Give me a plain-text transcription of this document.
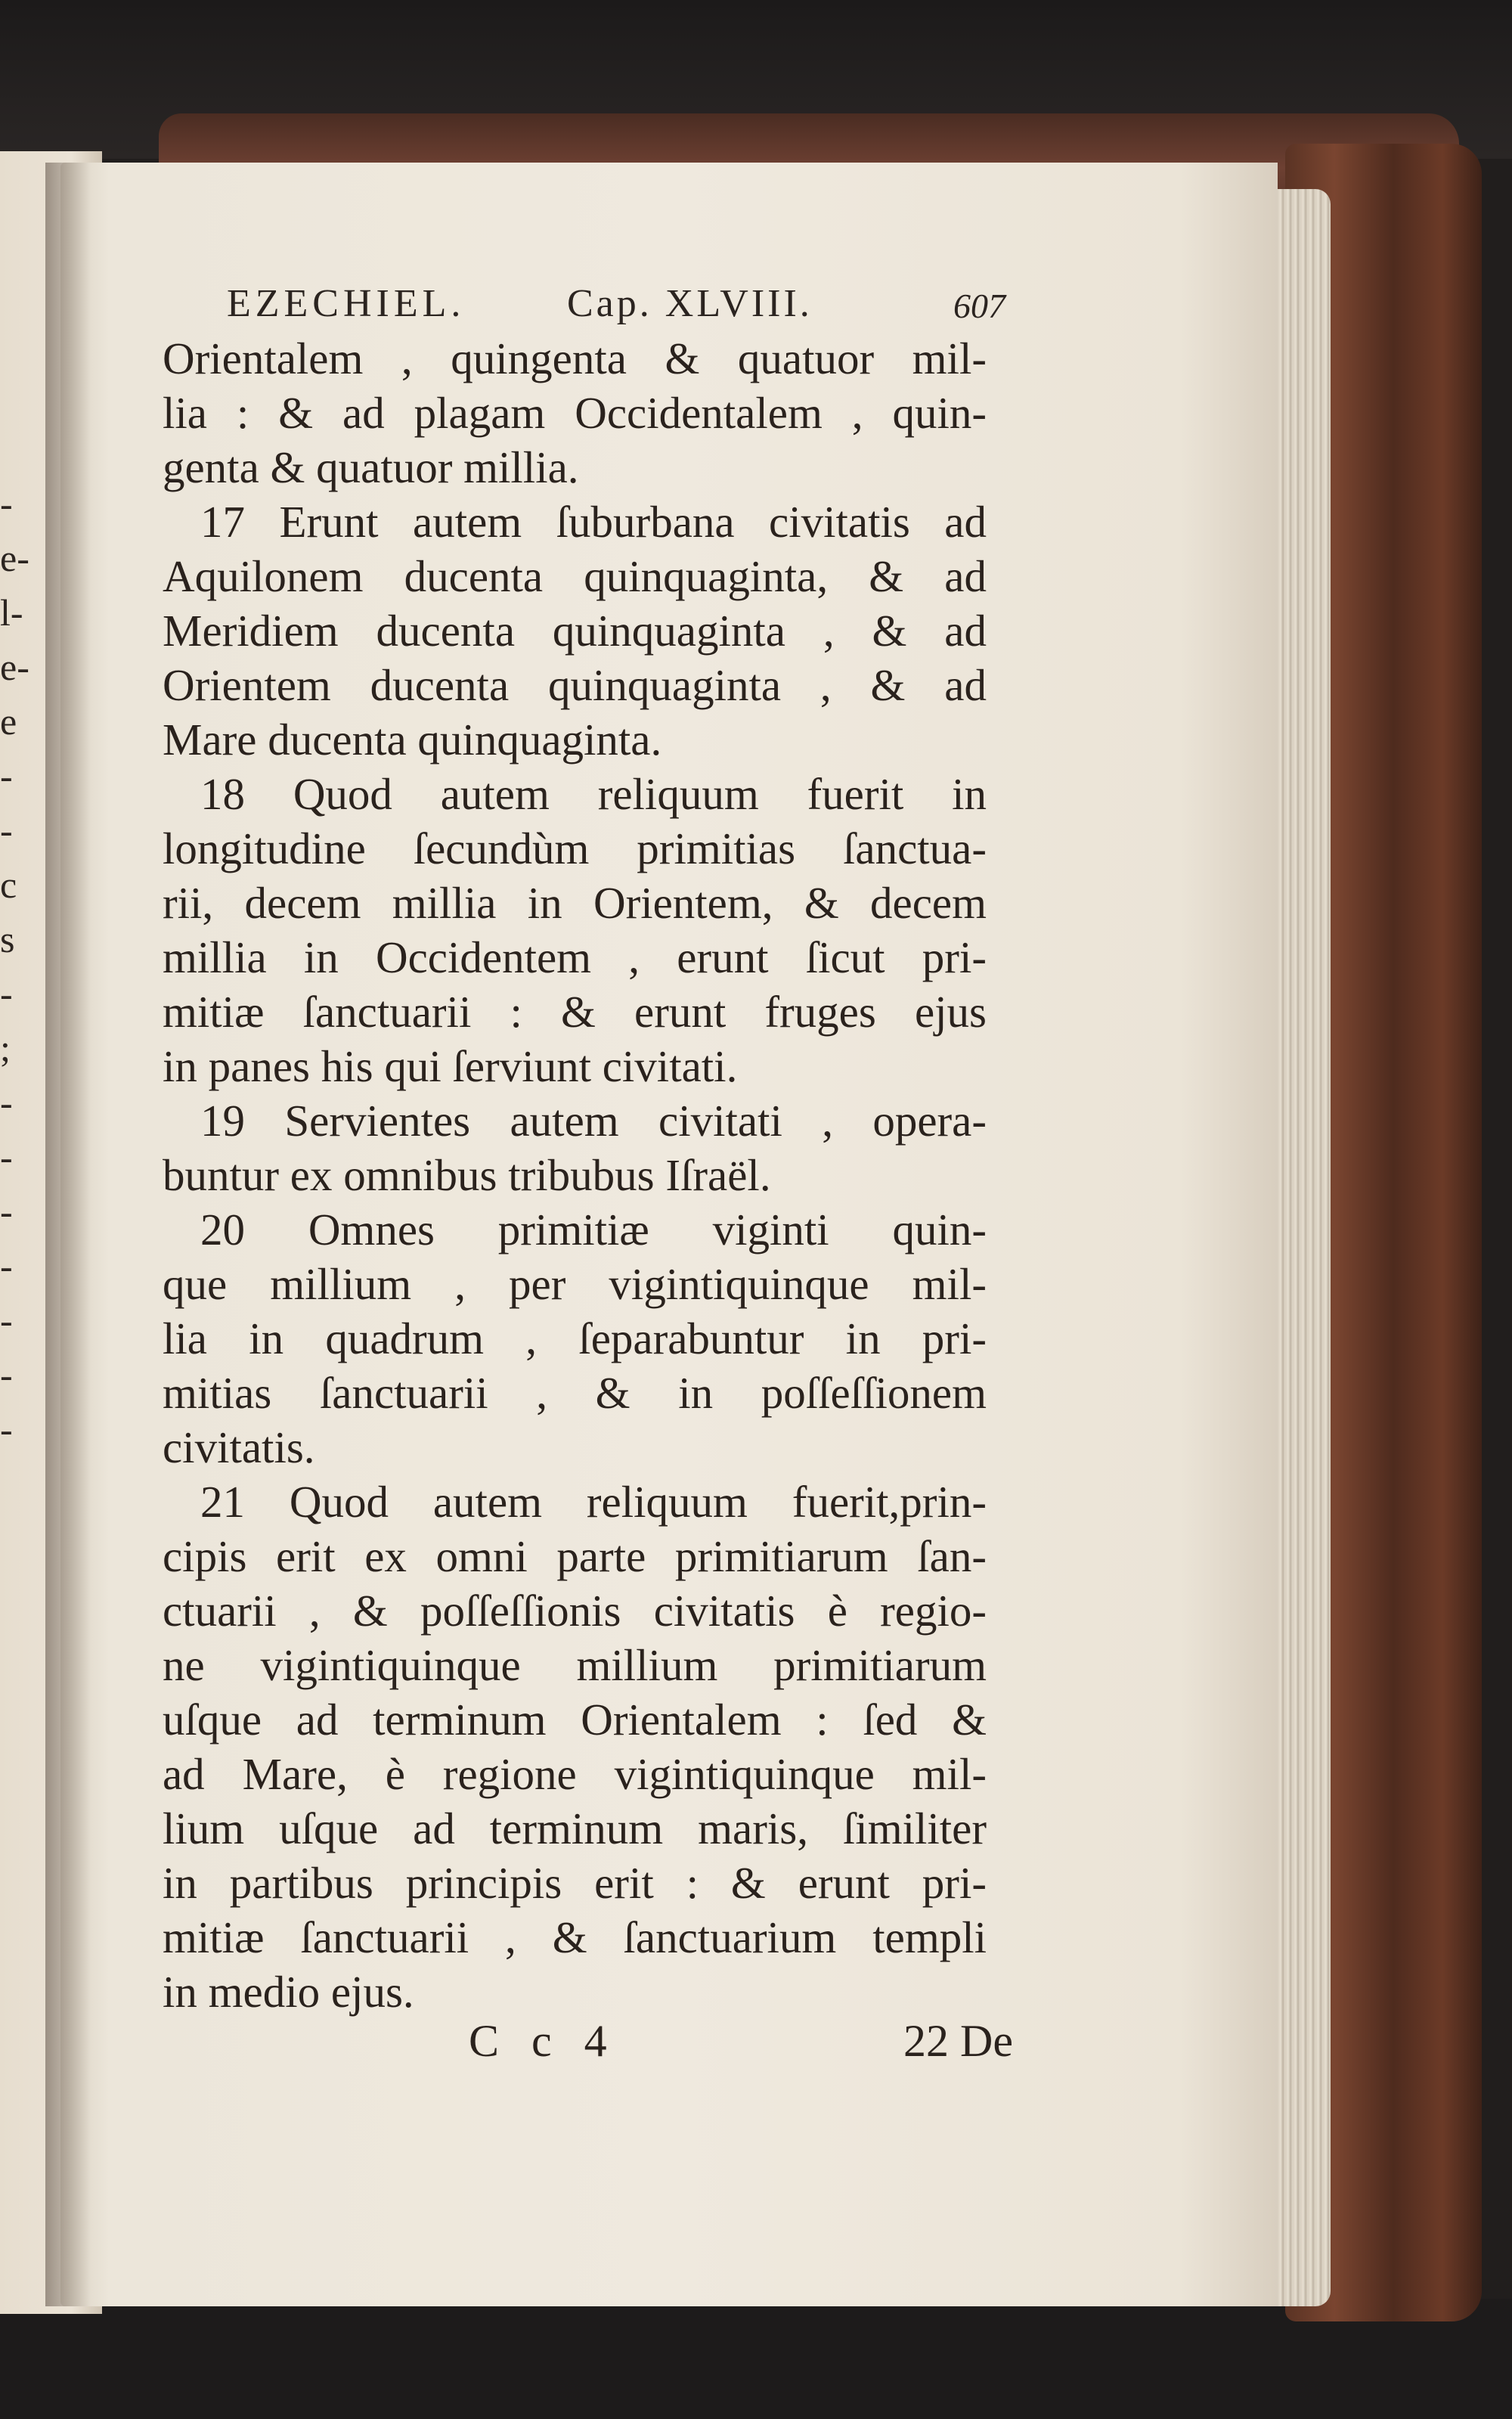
-
e-
l-
e-
e
-
-
c
s
-
;
-
-
-
-
-
-
-
EZECHIEL.	Cap. XLVIII.	607
Orientalem , quingenta & quatuor mil-
lia : & ad plagam Occidentalem , quin-
genta & quatuor millia.
17 Erunt autem ſuburbana civitatis ad
Aquilonem ducenta quinquaginta, & ad
Meridiem ducenta quinquaginta , & ad
Orientem ducenta quinquaginta , & ad
Mare ducenta quinquaginta.
18 Quod autem reliquum fuerit in
longitudine ſecundùm primitias ſanctua-
rii, decem millia in Orientem, & decem
millia in Occidentem , erunt ſicut pri-
mitiæ ſanctuarii : & erunt fruges ejus
in panes his qui ſerviunt civitati.
19 Servientes autem civitati , opera-
buntur ex omnibus tribubus Iſraël.
20 Omnes primitiæ viginti quin-
que millium , per vigintiquinque mil-
lia in quadrum , ſeparabuntur in pri-
mitias ſanctuarii , & in poſſeſſionem
civitatis.
21 Quod autem reliquum fuerit,prin-
cipis erit ex omni parte primitiarum ſan-
ctuarii , & poſſeſſionis civitatis è regio-
ne vigintiquinque millium primitiarum
uſque ad terminum Orientalem : ſed &
ad Mare, è regione vigintiquinque mil-
lium uſque ad terminum maris, ſimiliter
in partibus principis erit : & erunt pri-
mitiæ ſanctuarii , & ſanctuarium templi
in medio ejus.
C c 4	22 De
